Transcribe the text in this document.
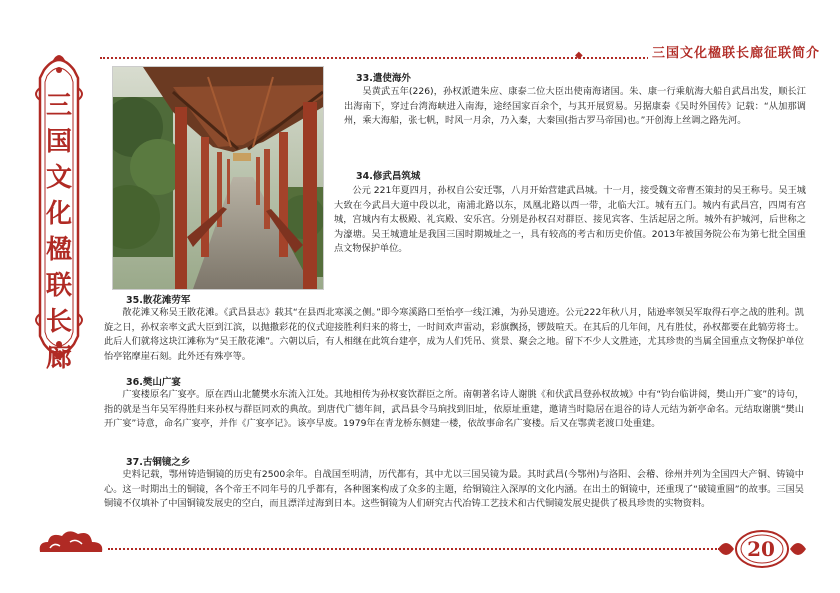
◆	三国文化楹联长廊征联简介
三
国
文
化
楹
联
长
廊
33.遣使海外

吴黄武五年(226)，孙权派遣朱应、康泰二位大臣出使南海诸国。朱、康一行乘航海大船自武昌出发，顺长江出海南下，穿过台湾海峡进入南海，途经国家百余个，与其开展贸易。另据康泰《吴时外国传》记载：“从加那调州，乘大海船，张七帆，时风一月余，乃入秦，大秦国(指古罗马帝国)也。”开创海上丝调之路先河。

34.修武昌筑城

公元 221年夏四月，孙权自公安迁鄂，八月开始营建武昌城。十一月，接受魏文帝曹丕策封的吴王称号。吴王城大致在今武昌大道中段以北，南浦北路以东，凤凰北路以西一带，北临大江。城有五门。城内有武昌宫，四周有宫城，宫城内有太极殿、礼宾殿、安乐宫。分别是孙权召对群臣、接见宾客、生活起居之所。城外有护城河，后世称之为濠塘。吴王城遗址是我国三国时期城址之一，具有较高的考古和历史价值。2013年被国务院公布为第七批全国重点文物保护单位。

35.散花滩劳军

散花滩又称吴王散花滩。《武昌县志》载其“在县西北寒溪之侧。”即今寒溪路口至怡亭一线江滩，为孙吴遗迹。公元222年秋八月，陆逊率领吴军取得石亭之战的胜利。凯旋之日，孙权亲率文武大臣到江滨，以抛撒彩花的仪式迎接胜利归来的将士，一时间欢声雷动，彩旗飘扬，锣鼓喧天。在其后的几年间，凡有胜仗，孙权都要在此犒劳将士。此后人们就将这块江滩称为“吴王散花滩”。六朝以后，有人相继在此筑台建亭，成为人们凭吊、赏景、聚会之地。留下不少人文胜迹，尤其珍贵的当属全国重点文物保护单位怡亭铭摩崖石刻。此外还有殊亭等。

36.樊山广宴

广宴楼原名广宴亭。原在西山北麓樊水东流入江处。其地相传为孙权宴饮群臣之所。南朝著名诗人谢朓《和伏武昌登孙权故城》中有“钧台临讲阅，樊山开广宴”的诗句，指的就是当年吴军得胜归来孙权与群臣同欢的典故。到唐代广德年间，武昌县令马珦找到旧址，依原址重建，邀请当时隐居在退谷的诗人元结为新亭命名。元结取谢朓“樊山开广宴”诗意，命名广宴亭，并作《广宴亭记》。该亭早废。1979年在青龙桥东侧建一楼，依故事命名广宴楼。后又在鄂黄老渡口处重建。

37.古铜镜之乡

史料记载，鄂州铸造铜镜的历史有2500余年。自战国至明清，历代都有，其中尤以三国吴镜为最。其时武昌(今鄂州)与洛阳、会稽、徐州并列为全国四大产铜、铸镜中心。这一时期出土的铜镜，各个帝王不同年号的几乎都有，各种图案构成了众多的主题，给铜镜注入深厚的文化内涵。在出土的铜镜中，还重现了“破镜重圆”的故事。三国吴铜镜不仅填补了中国铜镜发展史的空白，而且漂洋过海到日本。这些铜镜为人们研究古代冶铸工艺技术和古代铜镜发展史提供了极具珍贵的实物资料。

20
